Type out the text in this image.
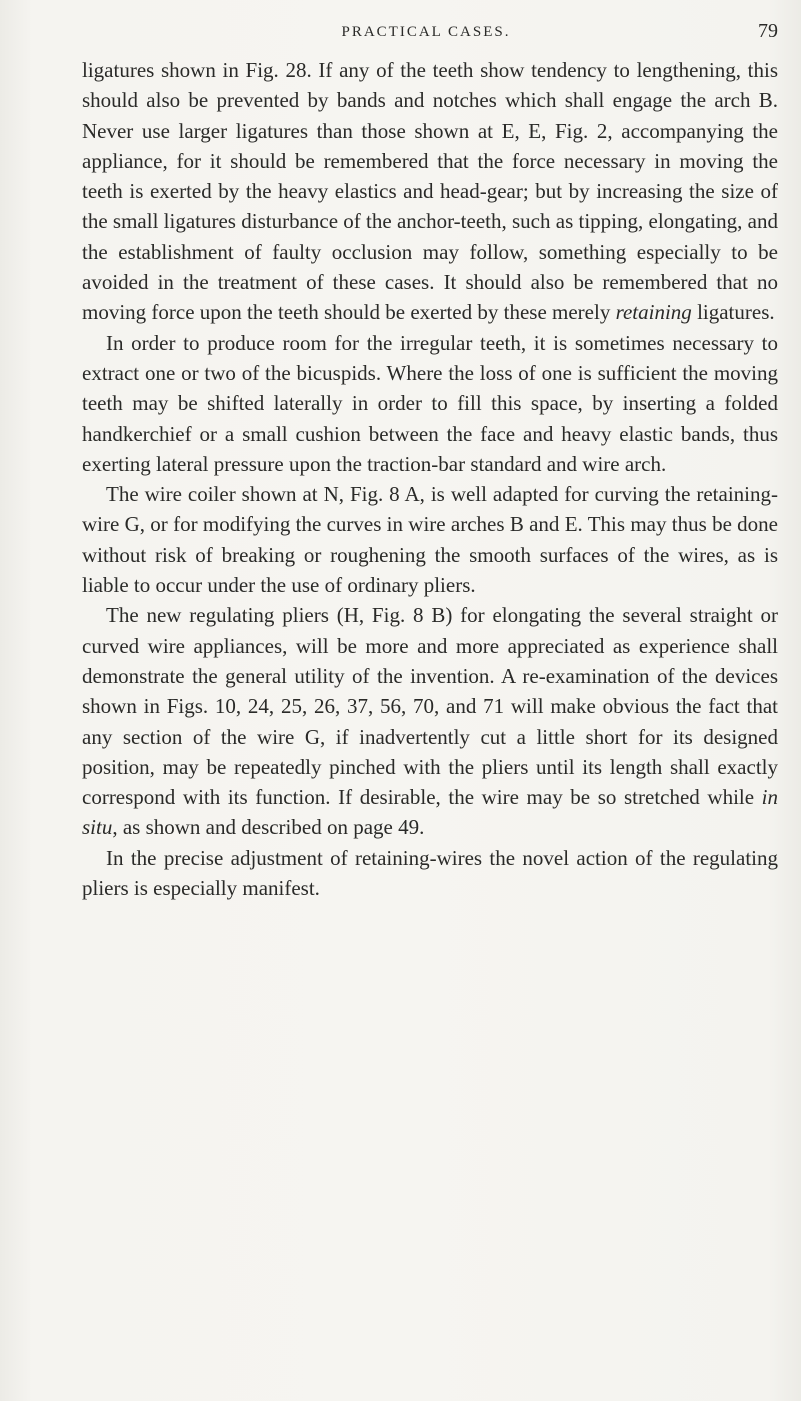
PRACTICAL CASES.	79

ligatures shown in Fig. 28. If any of the teeth show tendency to lengthening, this should also be prevented by bands and notches which shall engage the arch B. Never use larger ligatures than those shown at E, E, Fig. 2, accompanying the appliance, for it should be remembered that the force necessary in moving the teeth is exerted by the heavy elastics and head-gear; but by increasing the size of the small ligatures disturbance of the anchor-teeth, such as tipping, elongating, and the establishment of faulty occlusion may follow, something especially to be avoided in the treatment of these cases. It should also be remembered that no moving force upon the teeth should be exerted by these merely retaining ligatures.

In order to produce room for the irregular teeth, it is sometimes necessary to extract one or two of the bicuspids. Where the loss of one is sufficient the moving teeth may be shifted laterally in order to fill this space, by inserting a folded handkerchief or a small cushion between the face and heavy elastic bands, thus exerting lateral pressure upon the traction-bar standard and wire arch.

The wire coiler shown at N, Fig. 8 A, is well adapted for curving the retaining-wire G, or for modifying the curves in wire arches B and E. This may thus be done without risk of breaking or roughening the smooth surfaces of the wires, as is liable to occur under the use of ordinary pliers.

The new regulating pliers (H, Fig. 8 B) for elongating the several straight or curved wire appliances, will be more and more appreciated as experience shall demonstrate the general utility of the invention. A re-examination of the devices shown in Figs. 10, 24, 25, 26, 37, 56, 70, and 71 will make obvious the fact that any section of the wire G, if inadvertently cut a little short for its designed position, may be repeatedly pinched with the pliers until its length shall exactly correspond with its function. If desirable, the wire may be so stretched while in situ, as shown and described on page 49.

In the precise adjustment of retaining-wires the novel action of the regulating pliers is especially manifest.
